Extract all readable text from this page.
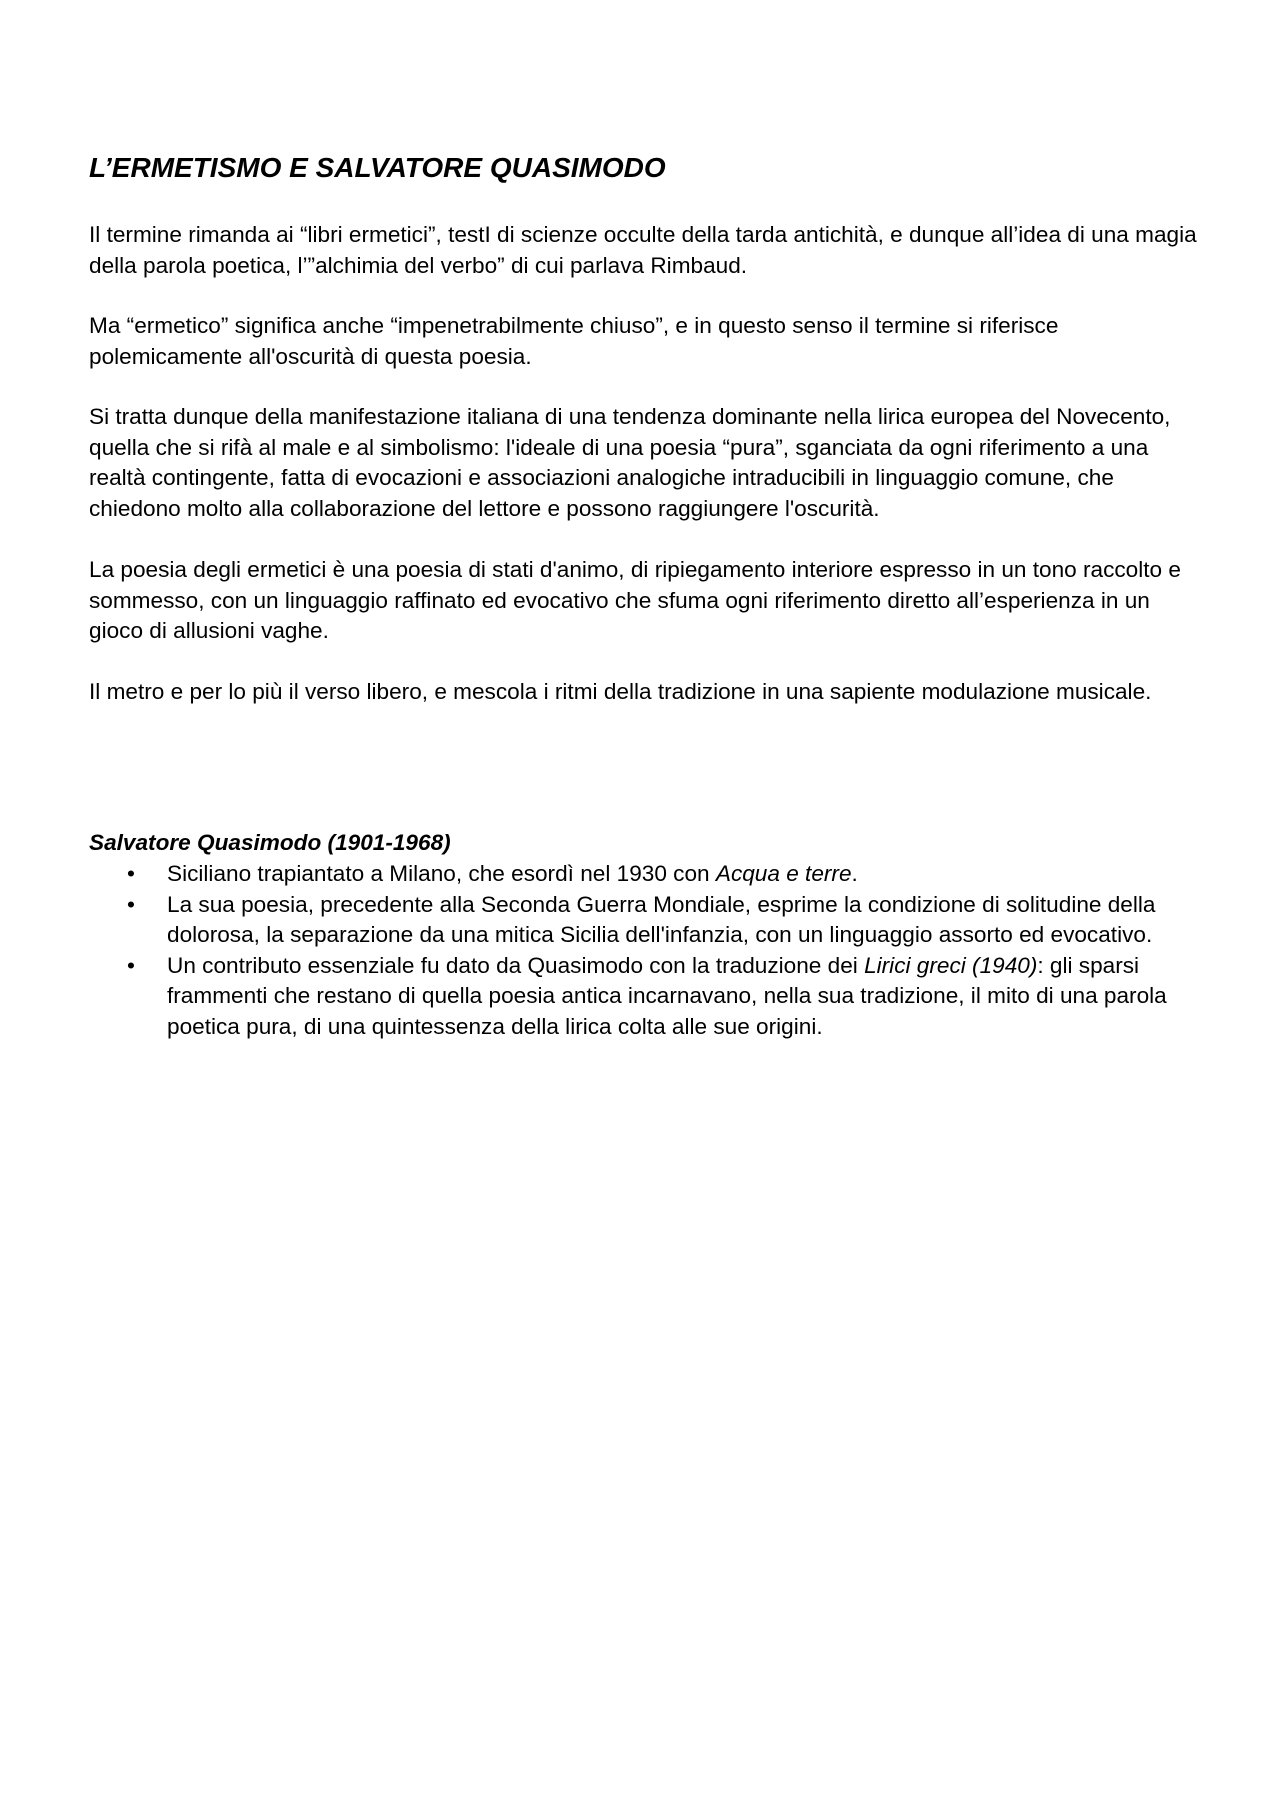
L’ERMETISMO E SALVATORE QUASIMODO

Il termine rimanda ai “libri ermetici”, testI di scienze occulte della tarda antichità, e dunque all’idea di una magia della parola poetica, l’”alchimia del verbo” di cui parlava Rimbaud.

Ma “ermetico” significa anche “impenetrabilmente chiuso”, e in questo senso il termine si riferisce polemicamente all'oscurità di questa poesia.

Si tratta dunque della manifestazione italiana di una tendenza dominante nella lirica europea del Novecento, quella che si rifà al male e al simbolismo: l'ideale di una poesia “pura”, sganciata da ogni riferimento a una realtà contingente, fatta di evocazioni e associazioni analogiche intraducibili in linguaggio comune, che chiedono molto alla collaborazione del lettore e possono raggiungere l'oscurità.

La poesia degli ermetici è una poesia di stati d'animo, di ripiegamento interiore espresso in un tono raccolto e sommesso, con un linguaggio raffinato ed evocativo che sfuma ogni riferimento diretto all’esperienza in un gioco di allusioni vaghe.

Il metro e per lo più il verso libero, e mescola i ritmi della tradizione in una sapiente modulazione musicale.

Salvatore Quasimodo (1901-1968)

• Siciliano trapiantato a Milano, che esordì nel 1930 con Acqua e terre.
• La sua poesia, precedente alla Seconda Guerra Mondiale, esprime la condizione di solitudine della dolorosa, la separazione da una mitica Sicilia dell'infanzia, con un linguaggio assorto ed evocativo.
• Un contributo essenziale fu dato da Quasimodo con la traduzione dei Lirici greci (1940): gli sparsi frammenti che restano di quella poesia antica incarnavano, nella sua tradizione, il mito di una parola poetica pura, di una quintessenza della lirica colta alle sue origini.
